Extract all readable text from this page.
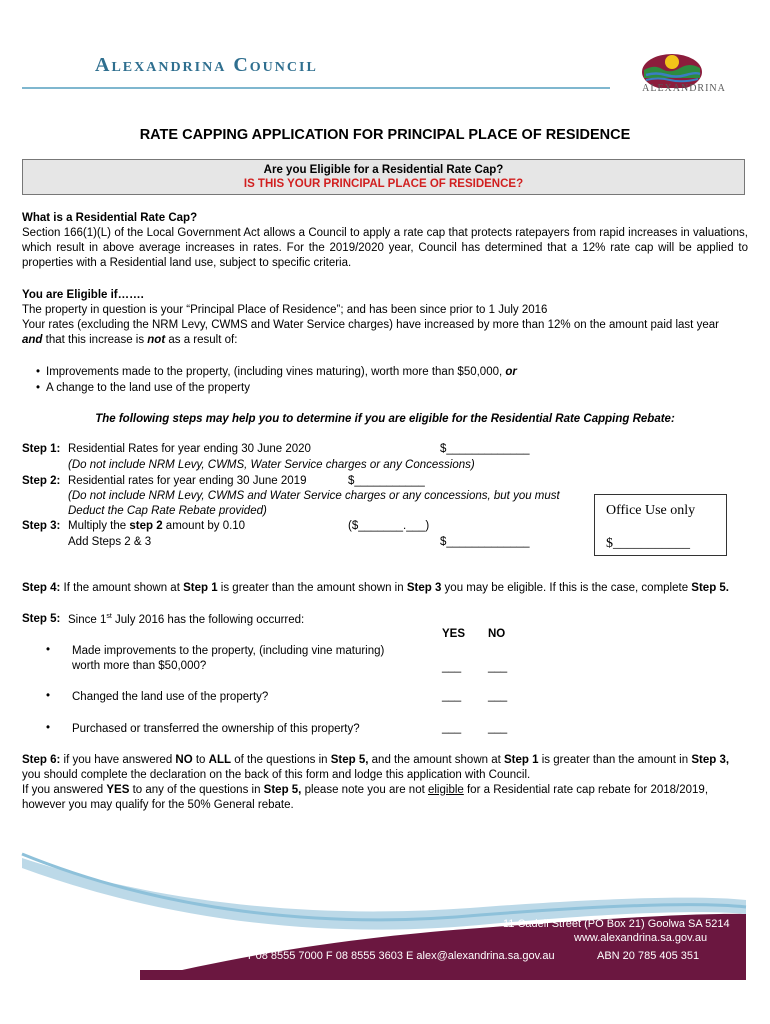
Alexandrina Council
ALEXANDRINA
RATE CAPPING APPLICATION FOR PRINCIPAL PLACE OF RESIDENCE
Are you Eligible for a Residential Rate Cap?
IS THIS YOUR PRINCIPAL PLACE OF RESIDENCE?
What is a Residential Rate Cap?
Section 166(1)(L) of the Local Government Act allows a Council to apply a rate cap that protects ratepayers from rapid increases in valuations, which result in above average increases in rates. For the 2019/2020 year, Council has determined that a 12% rate cap will be applied to properties with a Residential land use, subject to specific criteria.
You are Eligible if…….
The property in question is your “Principal Place of Residence”; and has been since prior to 1 July 2016
Your rates (excluding the NRM Levy, CWMS and Water Service charges) have increased by more than 12% on the amount paid last year
and that this increase is not as a result of:
• Improvements made to the property, (including vines maturing), worth more than $50,000, or
• A change to the land use of the property
The following steps may help you to determine if you are eligible for the Residential Rate Capping Rebate:
Step 1: Residential Rates for year ending 30 June 2020	$_____________
(Do not include NRM Levy, CWMS, Water Service charges or any Concessions)
Step 2: Residential rates for year ending 30 June 2019	$___________
(Do not include NRM Levy, CWMS and Water Service charges or any concessions, but you must
Deduct the Cap Rate Rebate provided)
Step 3: Multiply the step 2 amount by 0.10	($_______.___)
Add Steps 2 & 3	$_____________
Office Use only
$___________
Step 4: If the amount shown at Step 1 is greater than the amount shown in Step 3 you may be eligible. If this is the case, complete Step 5.
Step 5: Since 1st July 2016 has the following occurred:
YES NO
• Made improvements to the property, (including vine maturing)
worth more than $50,000?	___ ___
• Changed the land use of the property?	___ ___
• Purchased or transferred the ownership of this property?	___ ___
Step 6: if you have answered NO to ALL of the questions in Step 5, and the amount shown at Step 1 is greater than the amount in Step 3,
you should complete the declaration on the back of this form and lodge this application with Council.
If you answered YES to any of the questions in Step 5, please note you are not eligible for a Residential rate cap rebate for 2018/2019,
however you may qualify for the 50% General rebate.
11 Cadell Street (PO Box 21) Goolwa SA 5214
www.alexandrina.sa.gov.au
T 08 8555 7000 F 08 8555 3603 E alex@alexandrina.sa.gov.au	ABN 20 785 405 351
